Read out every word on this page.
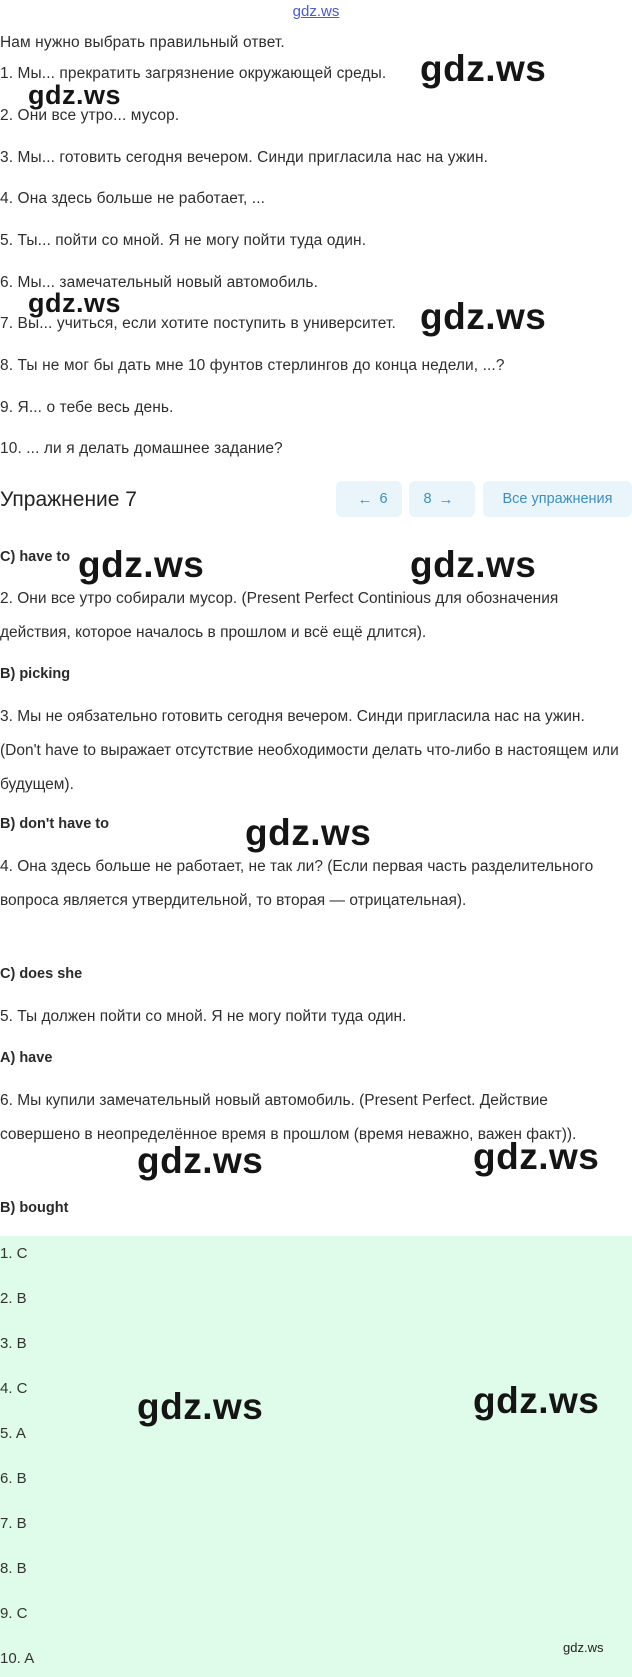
gdz.ws
Нам нужно выбрать правильный ответ.
1. Мы... прекратить загрязнение окружающей среды.
2. Они все утро... мусор.
3. Мы... готовить сегодня вечером. Синди пригласила нас на ужин.
4. Она здесь больше не работает, ...
5. Ты... пойти со мной. Я не могу пойти туда один.
6. Мы... замечательный новый автомобиль.
7. Вы... учиться, если хотите поступить в университет.
8. Ты не мог бы дать мне 10 фунтов стерлингов до конца недели, ...?
9. Я... о тебе весь день.
10. ... ли я делать домашнее задание?
Упражнение 7	← 6 8 →	Все упражнения
C) have to
2. Они все утро собирали мусор. (Present Perfect Continious для обозначения действия, которое началось в прошлом и всё ещё длится).
B) picking
3. Мы не оябзательно готовить сегодня вечером. Синди пригласила нас на ужин. (Don't have to выражает отсутствие необходимости делать что-либо в настоящем или будущем).
B) don't have to
4. Она здесь больше не работает, не так ли? (Если первая часть разделительного вопроса является утвердительной, то вторая — отрицательная).
C) does she
5. Ты должен пойти со мной. Я не могу пойти туда один.
A) have
6. Мы купили замечательный новый автомобиль. (Present Perfect. Действие совершено в неопределённое время в прошлом (время неважно, важен факт)).
B) bought
1. C
2. B
3. B
4. C
5. A
6. B
7. B
8. B
9. C
10. A
gdz.ws
gdz.ws
gdz.ws	gdz.ws
gdz.ws	gdz.ws
gdz.ws
gdz.ws	gdz.ws
gdz.ws	gdz.ws
gdz.ws
